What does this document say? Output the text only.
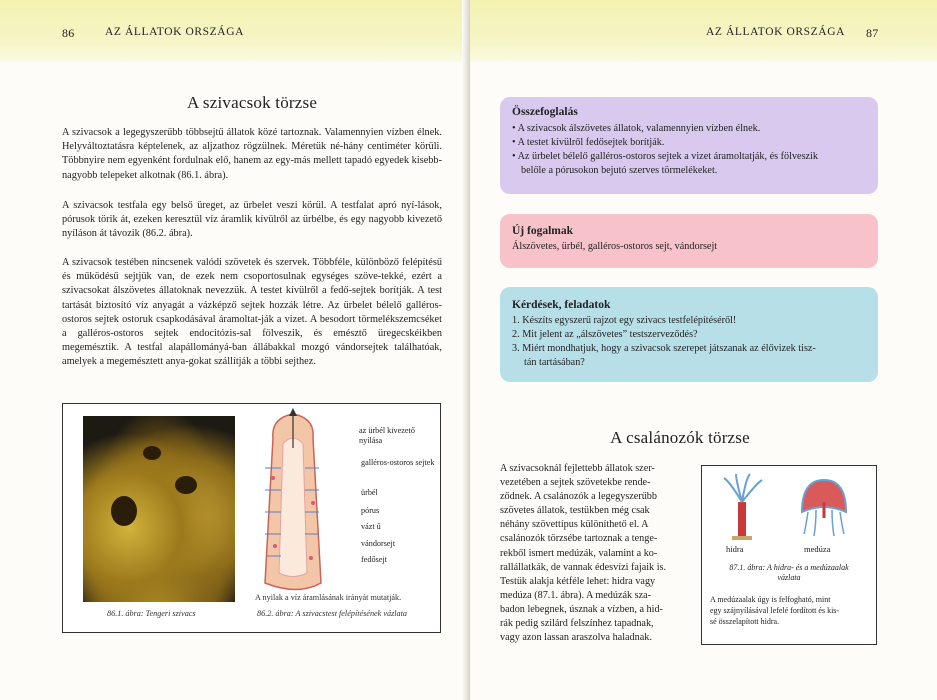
86	AZ ÁLLATOK ORSZÁGA
A szivacsok törzse

A szivacsok a legegyszerűbb többsejtű állatok közé tartoznak. Valamennyien vízben élnek. Helyváltoztatásra képtelenek, az aljzathoz rögzülnek. Méretük né-hány centiméter körüli. Többnyire nem egyenként fordulnak elő, hanem az egy-más mellett tapadó egyedek kisebb-nagyobb telepeket alkotnak (86.1. ábra).

A szivacsok testfala egy belső üreget, az ürbelet veszi körül. A testfalat apró nyí-lások, pórusok törik át, ezeken keresztül víz áramlik kívülről az ürbélbe, és egy nagyobb kivezető nyíláson át távozik (86.2. ábra).

A szivacsok testében nincsenek valódi szövetek és szervek. Többféle, különböző felépítésű és működésű sejtjük van, de ezek nem csoportosulnak egységes szöve-tekké, ezért a szivacsokat álszövetes állatoknak nevezzük. A testet kívülről a fedő-sejtek borítják. A test tartását biztosító víz anyagát a vázképző sejtek hozzák létre. Az ürbelet bélelő galléros-ostoros sejtek ostoruk csapkodásával áramoltat-ják a vizet. A besodort törmelékszemcséket a galléros-ostoros sejtek endocitózis-sal fölveszik, és emésztő üregecskéikben megemésztik. A testfal alapállományá-ban állábakkal mozgó vándorsejtek találhatóak, amelyek a megemésztett anya-gokat szállítják a többi sejthez.

az ürbél kivezető nyílása
galléros-ostoros sejtek
ürbél
pórus
vázt ű
vándorsejt
fedősejt
A nyilak a víz áramlásának irányát mutatják.
86.1. ábra: Tengeri szivacs	86.2. ábra: A szivacstest felépítésének vázlata
AZ ÁLLATOK ORSZÁGA 87
Összefoglalás
• A szivacsok álszövetes állatok, valamennyien vízben élnek.
• A testet kívülről fedősejtek borítják.
• Az ürbelet bélelő galléros-ostoros sejtek a vizet áramoltatják, és fölveszik
belőle a pórusokon bejutó szerves törmelékeket.
Új fogalmak
Álszövetes, ürbél, galléros-ostoros sejt, vándorsejt
Kérdések, feladatok
1. Készíts egyszerű rajzot egy szivacs testfelépítéséről!
2. Mit jelent az „álszövetes” testszerveződés?
3. Miért mondhatjuk, hogy a szivacsok szerepet játszanak az élővizek tisz-
tán tartásában?
A csalánozók törzse
A szivacsoknál fejlettebb állatok szer-
vezetében a sejtek szövetekbe rende-
ződnek. A csalánozók a legegyszerűbb
szövetes állatok, testükben még csak
néhány szövettípus különíthető el. A
csalánozók törzsébe tartoznak a tenge-
rekből ismert medúzák, valamint a ko-
rallállatkák, de vannak édesvízi fajaik is.
Testük alakja kétféle lehet: hidra vagy
medúza (87.1. ábra). A medúzák sza-
badon lebegnek, úsznak a vízben, a hid-
rák pedig szilárd felszínhez tapadnak,
vagy azon lassan araszolva haladnak.
hidra	medúza
87.1. ábra: A hidra- és a medúzaalak
vázlata
A medúzaalak úgy is felfogható, mint
egy szájnyílásával lefelé fordított és kis-
sé összelapított hidra.
